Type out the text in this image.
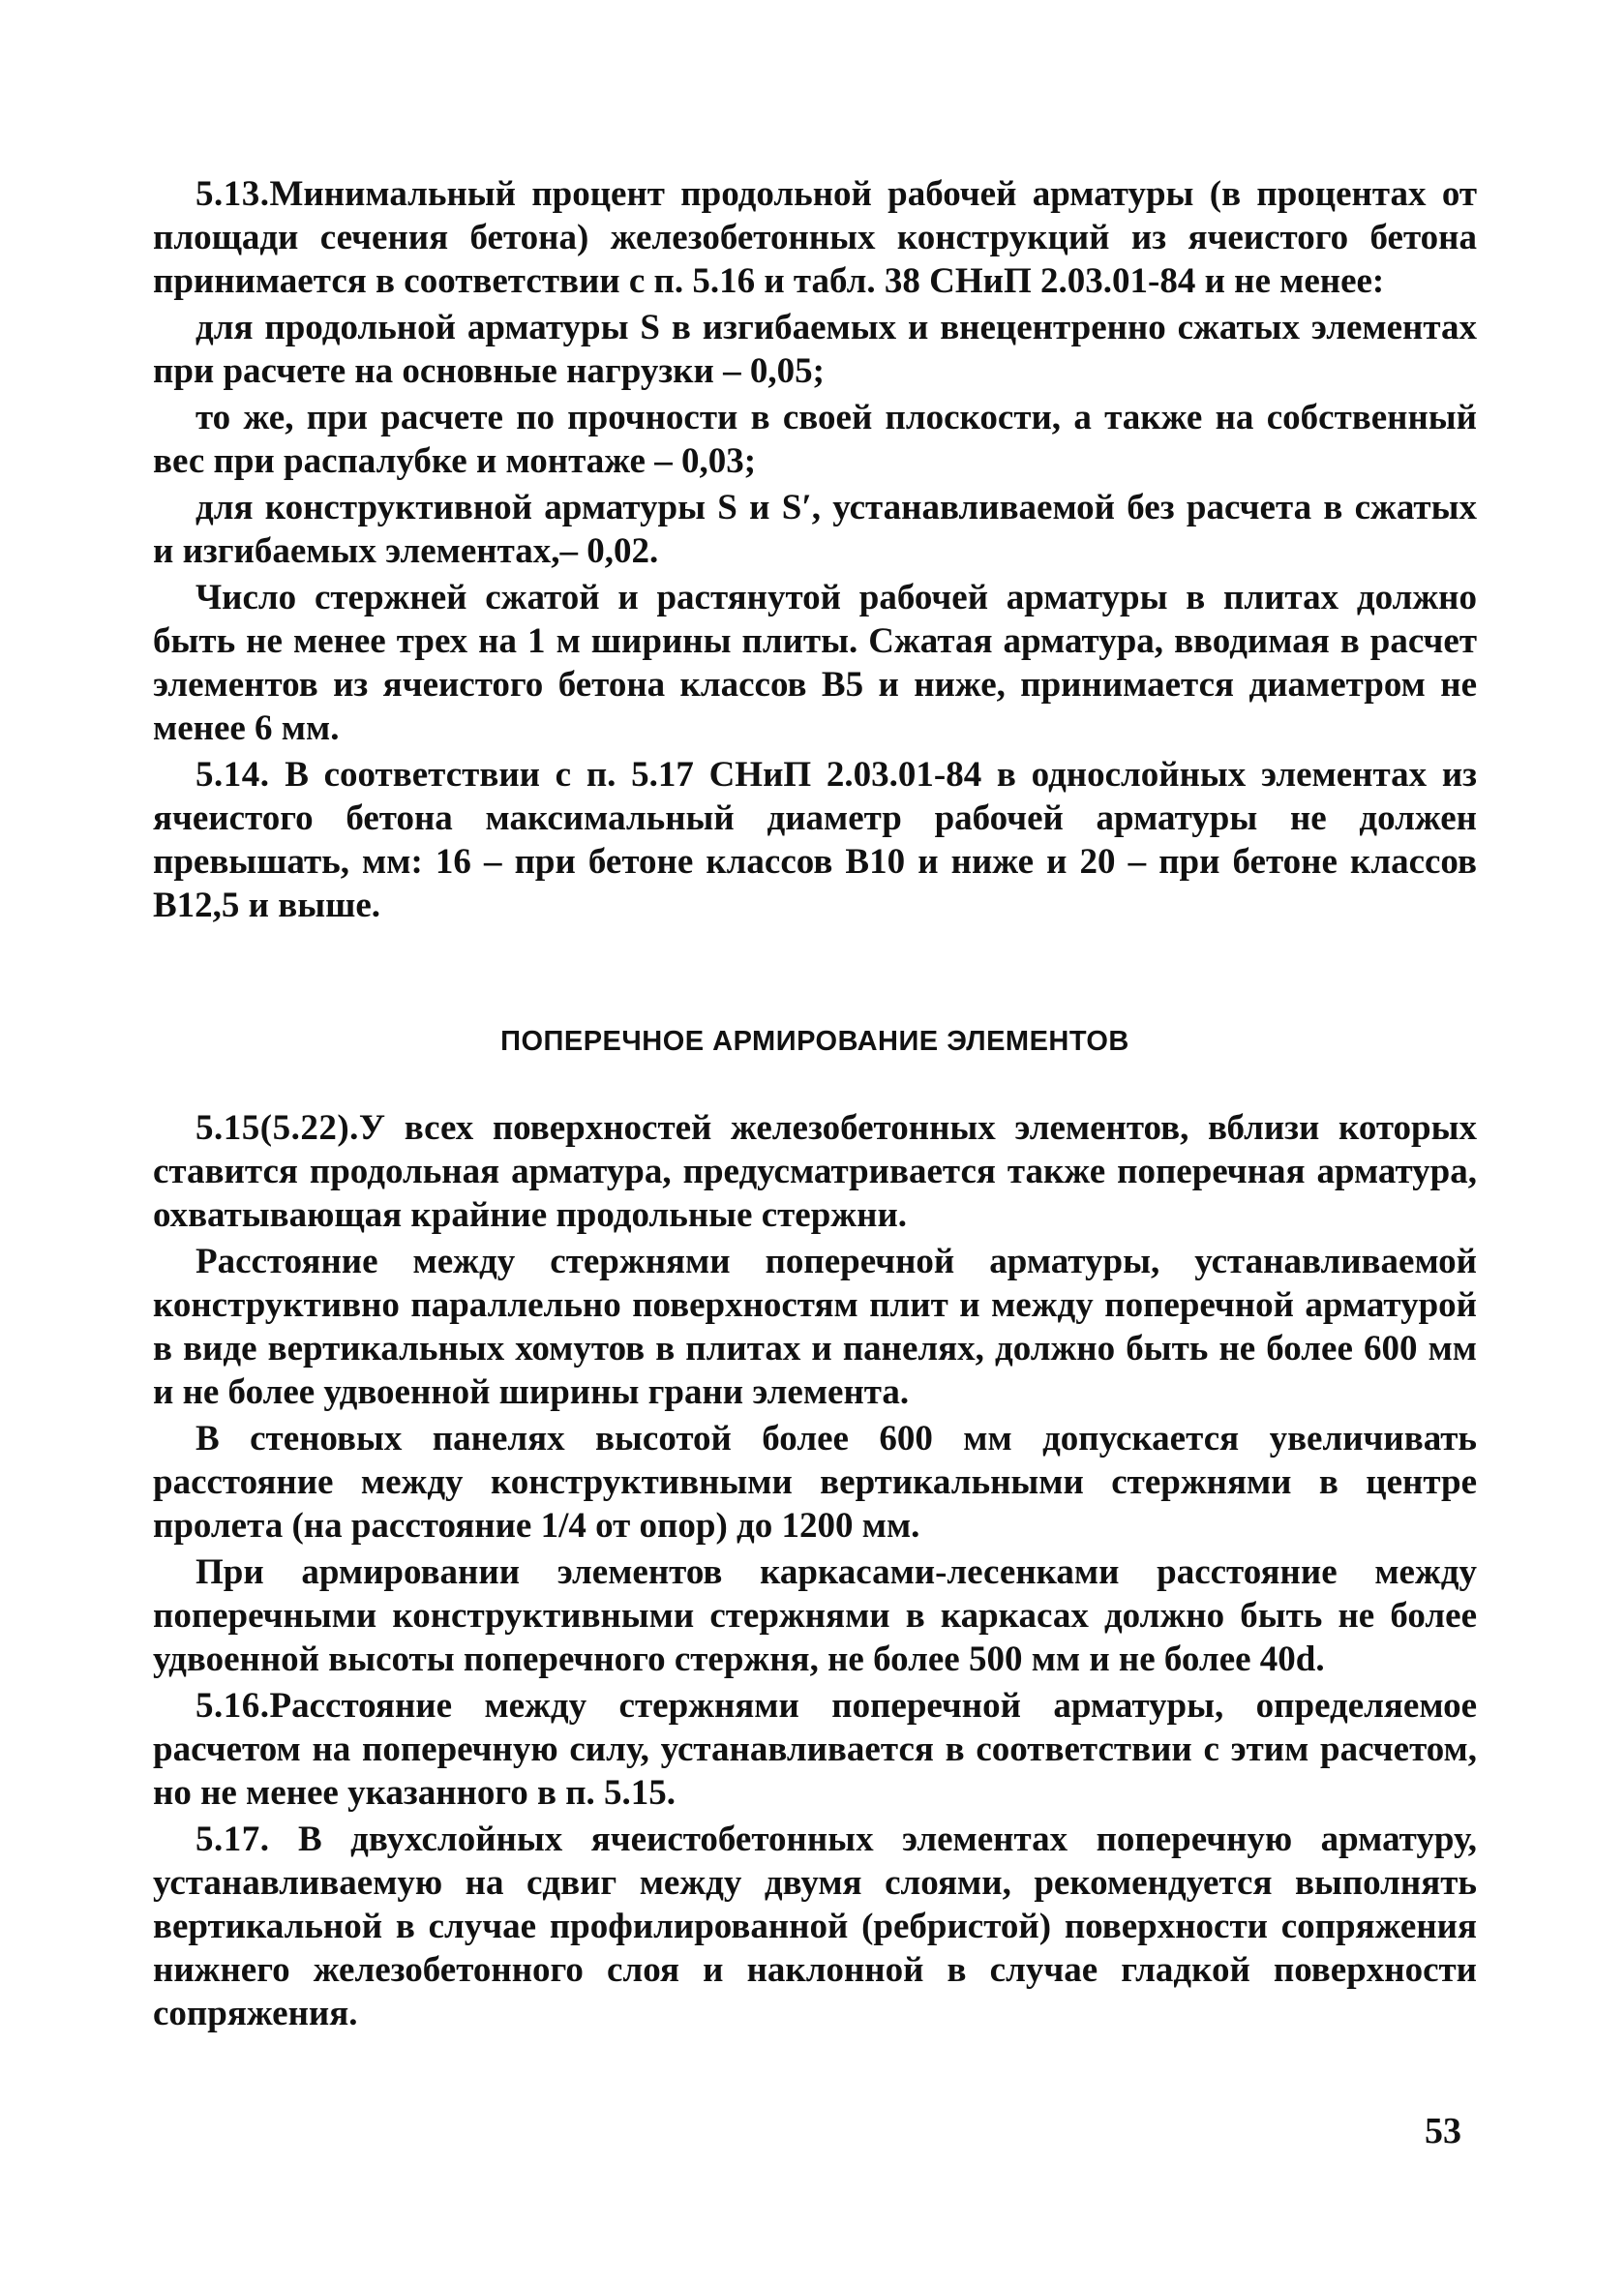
5.13.Минимальный процент продольной рабочей арматуры (в процентах от площади сечения бетона) железобетонных конструкций из ячеистого бетона принимается в соответствии с п. 5.16 и табл. 38 СНиП 2.03.01-84 и не менее:

для продольной арматуры S в изгибаемых и внецентренно сжатых элементах при расчете на основные нагрузки – 0,05;

то же, при расчете по прочности в своей плоскости, а также на собственный вес при распалубке и монтаже – 0,03;

для конструктивной арматуры S и S′, устанавливаемой без расчета в сжатых и изгибаемых элементах,– 0,02.

Число стержней сжатой и растянутой рабочей арматуры в плитах должно быть не менее трех на 1 м ширины плиты. Сжатая арматура, вводимая в расчет элементов из ячеистого бетона классов В5 и ниже, принимается диаметром не менее 6 мм.

5.14. В соответствии с п. 5.17 СНиП 2.03.01-84 в однослойных элементах из ячеистого бетона максимальный диаметр рабочей арматуры не должен превышать, мм: 16 – при бетоне классов В10 и ниже и 20 – при бетоне классов В12,5 и выше.

ПОПЕРЕЧНОЕ АРМИРОВАНИЕ ЭЛЕМЕНТОВ

5.15(5.22).У всех поверхностей железобетонных элементов, вблизи которых ставится продольная арматура, предусматривается также поперечная арматура, охватывающая крайние продольные стержни.

Расстояние между стержнями поперечной арматуры, устанавливаемой конструктивно параллельно поверхностям плит и между поперечной арматурой в виде вертикальных хомутов в плитах и панелях, должно быть не более 600 мм и не более удвоенной ширины грани элемента.

В стеновых панелях высотой более 600 мм допускается увеличивать расстояние между конструктивными вертикальными стержнями в центре пролета (на расстояние 1/4 от опор) до 1200 мм.

При армировании элементов каркасами-лесенками расстояние между поперечными конструктивными стержнями в каркасах должно быть не более удвоенной высоты поперечного стержня, не более 500 мм и не более 40d.

5.16.Расстояние между стержнями поперечной арматуры, определяемое расчетом на поперечную силу, устанавливается в соответствии с этим расчетом, но не менее указанного в п. 5.15.

5.17. В двухслойных ячеистобетонных элементах поперечную арматуру, устанавливаемую на сдвиг между двумя слоями, рекомендуется выполнять вертикальной в случае профилированной (ребристой) поверхности сопряжения нижнего железобетонного слоя и наклонной в случае гладкой поверхности сопряжения.

53
